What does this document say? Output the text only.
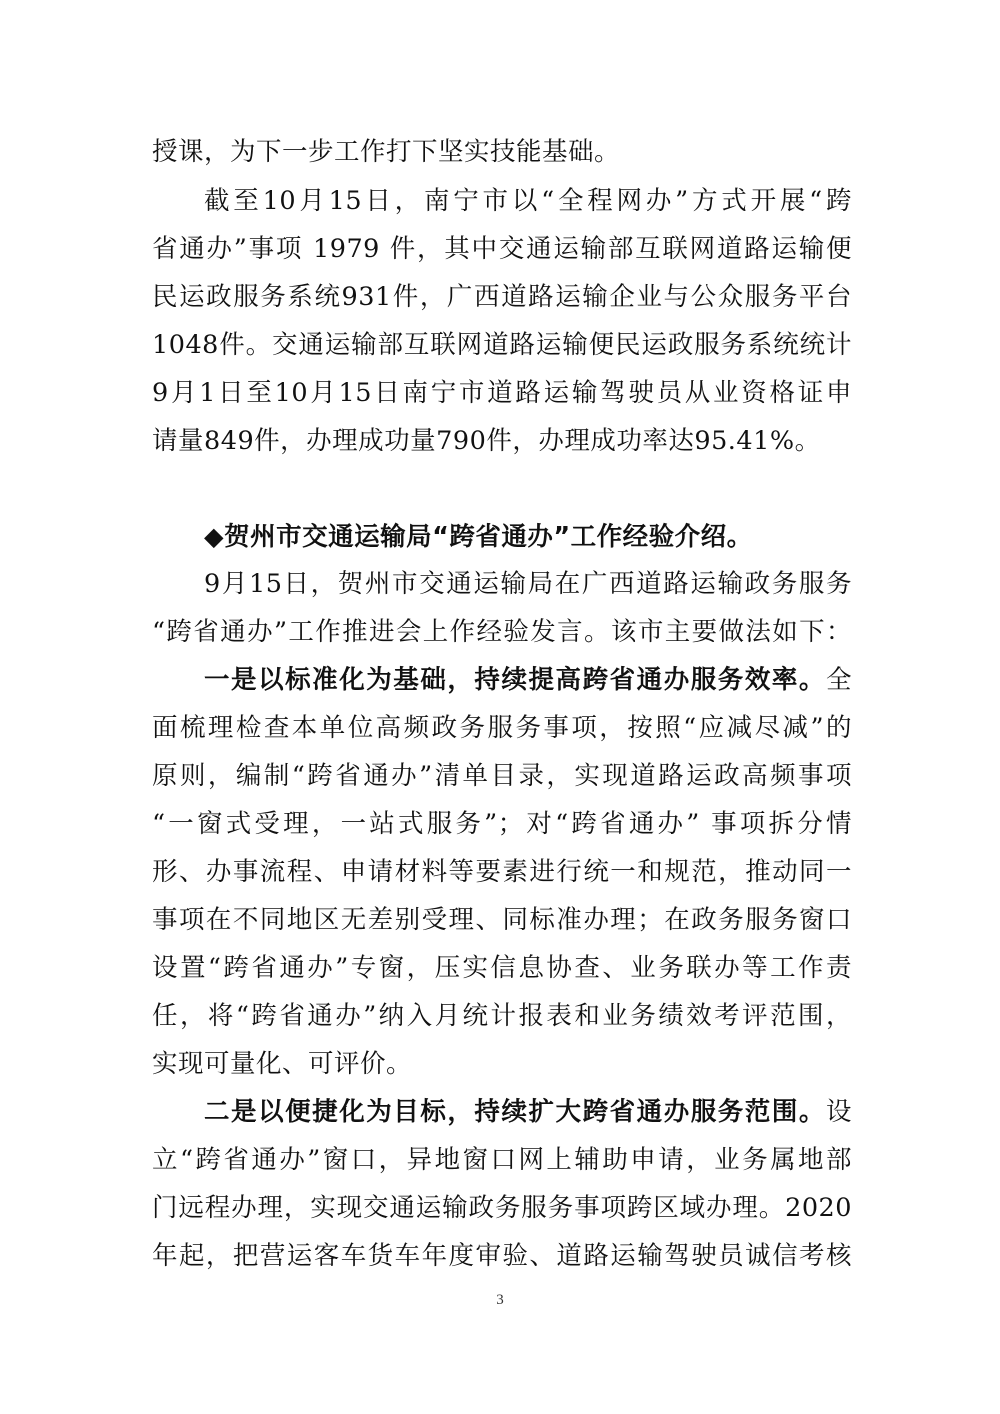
授课，为下一步工作打下坚实技能基础。
截至10月15日，南宁市以“全程网办”方式开展“跨
省通办”事项 1979 件，其中交通运输部互联网道路运输便
民运政服务系统931件，广西道路运输企业与公众服务平台
1048件。交通运输部互联网道路运输便民运政服务系统统计
9月1日至10月15日南宁市道路运输驾驶员从业资格证申
请量849件，办理成功量790件，办理成功率达95.41%。
◆贺州市交通运输局“跨省通办”工作经验介绍。
9月15日，贺州市交通运输局在广西道路运输政务服务
“跨省通办”工作推进会上作经验发言。该市主要做法如下：
一是以标准化为基础，持续提高跨省通办服务效率。全
面梳理检查本单位高频政务服务事项，按照“应减尽减”的
原则，编制“跨省通办”清单目录，实现道路运政高频事项
“一窗式受理，一站式服务”；对“跨省通办” 事项拆分情
形、办事流程、申请材料等要素进行统一和规范，推动同一
事项在不同地区无差别受理、同标准办理；在政务服务窗口
设置“跨省通办”专窗，压实信息协查、业务联办等工作责
任，将“跨省通办”纳入月统计报表和业务绩效考评范围，
实现可量化、可评价。
二是以便捷化为目标，持续扩大跨省通办服务范围。设
立“跨省通办”窗口，异地窗口网上辅助申请，业务属地部
门远程办理，实现交通运输政务服务事项跨区域办理。2020
年起，把营运客车货车年度审验、道路运输驾驶员诚信考核
3
